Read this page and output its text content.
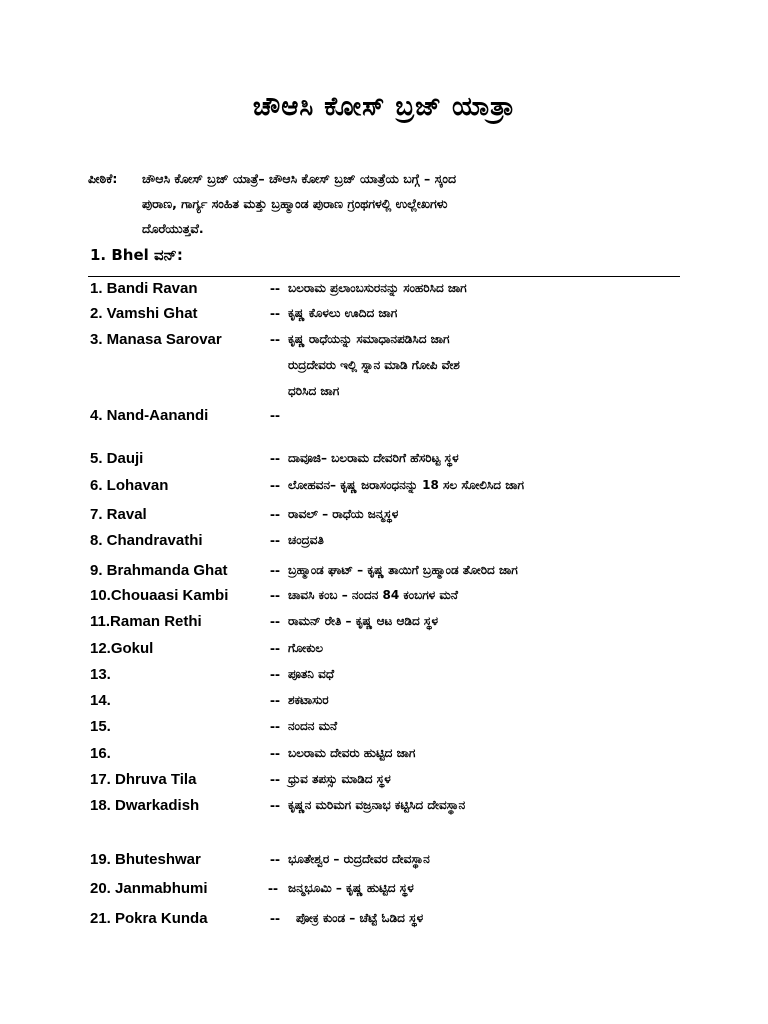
ಚೌಆಸಿ ಕೋಸ್ ಬ್ರಜ್ ಯಾತ್ರಾ
ಪೀಠಿಕೆ: ಚೌಆಸಿ ಕೋಸ್ ಬ್ರಜ್ ಯಾತ್ರೆ– ಚೌಆಸಿ ಕೋಸ್ ಬ್ರಜ್ ಯಾತ್ರೆಯ ಬಗ್ಗೆ – ಸ್ಕಂದ
ಪುರಾಣ, ಗಾರ್ಗ್ಯ ಸಂಹಿತ ಮತ್ತು ಬ್ರಹ್ಮಾಂಡ ಪುರಾಣ ಗ್ರಂಥಗಳಲ್ಲಿ ಉಲ್ಲೇಖಗಳು
ದೊರೆಯುತ್ತವೆ.
1. Bhel ವನ್:
1. Bandi Ravan	-- ಬಲರಾಮ ಪ್ರಲಾಂಬಸುರನನ್ನು ಸಂಹರಿಸಿದ ಜಾಗ
2. Vamshi Ghat	-- ಕೃಷ್ಣ ಕೊಳಲು ಊದಿದ ಜಾಗ
3. Manasa Sarovar	-- ಕೃಷ್ಣ ರಾಧೆಯನ್ನು ಸಮಾಧಾನಪಡಿಸಿದ ಜಾಗ
ರುದ್ರದೇವರು ಇಲ್ಲಿ ಸ್ನಾನ ಮಾಡಿ ಗೋಪಿ ವೇಶ
ಧರಿಸಿದ ಜಾಗ
4. Nand-Aanandi	--
5. Dauji	-- ದಾವೂಜಿ– ಬಲರಾಮ ದೇವರಿಗೆ ಹೆಸರಿಟ್ಟ ಸ್ಥಳ
6. Lohavan	-- ಲೋಹವನ– ಕೃಷ್ಣ ಜರಾಸಂಧನನ್ನು 18 ಸಲ ಸೋಲಿಸಿದ ಜಾಗ
7. Raval	-- ರಾವಲ್ – ರಾಧೆಯ ಜನ್ಮಸ್ಥಳ
8. Chandravathi	-- ಚಂದ್ರವತಿ
9. Brahmanda Ghat	-- ಬ್ರಹ್ಮಾಂಡ ಘಾಟ್ – ಕೃಷ್ಣ ತಾಯಿಗೆ ಬ್ರಹ್ಮಾಂಡ ತೋರಿದ ಜಾಗ
10.Chouaasi Kambi	-- ಚಾವಸಿ ಕಂಬ – ನಂದನ 84 ಕಂಬಗಳ ಮನೆ
11.Raman Rethi	-- ರಾಮನ್ ರೇತಿ – ಕೃಷ್ಣ ಆಟ ಆಡಿದ ಸ್ಥಳ
12.Gokul	-- ಗೋಕುಲ
13.	-- ಪೂತನಿ ವಧೆ
14.	-- ಶಕಟಾಸುರ
15.	-- ನಂದನ ಮನೆ
16.	-- ಬಲರಾಮ ದೇವರು ಹುಟ್ಟಿದ ಜಾಗ
17. Dhruva Tila	-- ಧ್ರುವ ತಪಸ್ಸು ಮಾಡಿದ ಸ್ಥಳ
18. Dwarkadish	-- ಕೃಷ್ಣನ ಮರಿಮಗ ವಜ್ರನಾಭ ಕಟ್ಟಿಸಿದ ದೇವಸ್ಥಾನ
19. Bhuteshwar	-- ಭೂತೇಶ್ವರ – ರುದ್ರದೇವರ ದೇವಸ್ಥಾನ
20. Janmabhumi	-- ಜನ್ಮಭೂಮಿ – ಕೃಷ್ಣ ಹುಟ್ಟಿದ ಸ್ಥಳ
21. Pokra Kunda	-- ಪೋಕ್ರ ಕುಂಡ – ಚೆಟ್ಟೆ ಓಡಿದ ಸ್ಥಳ
